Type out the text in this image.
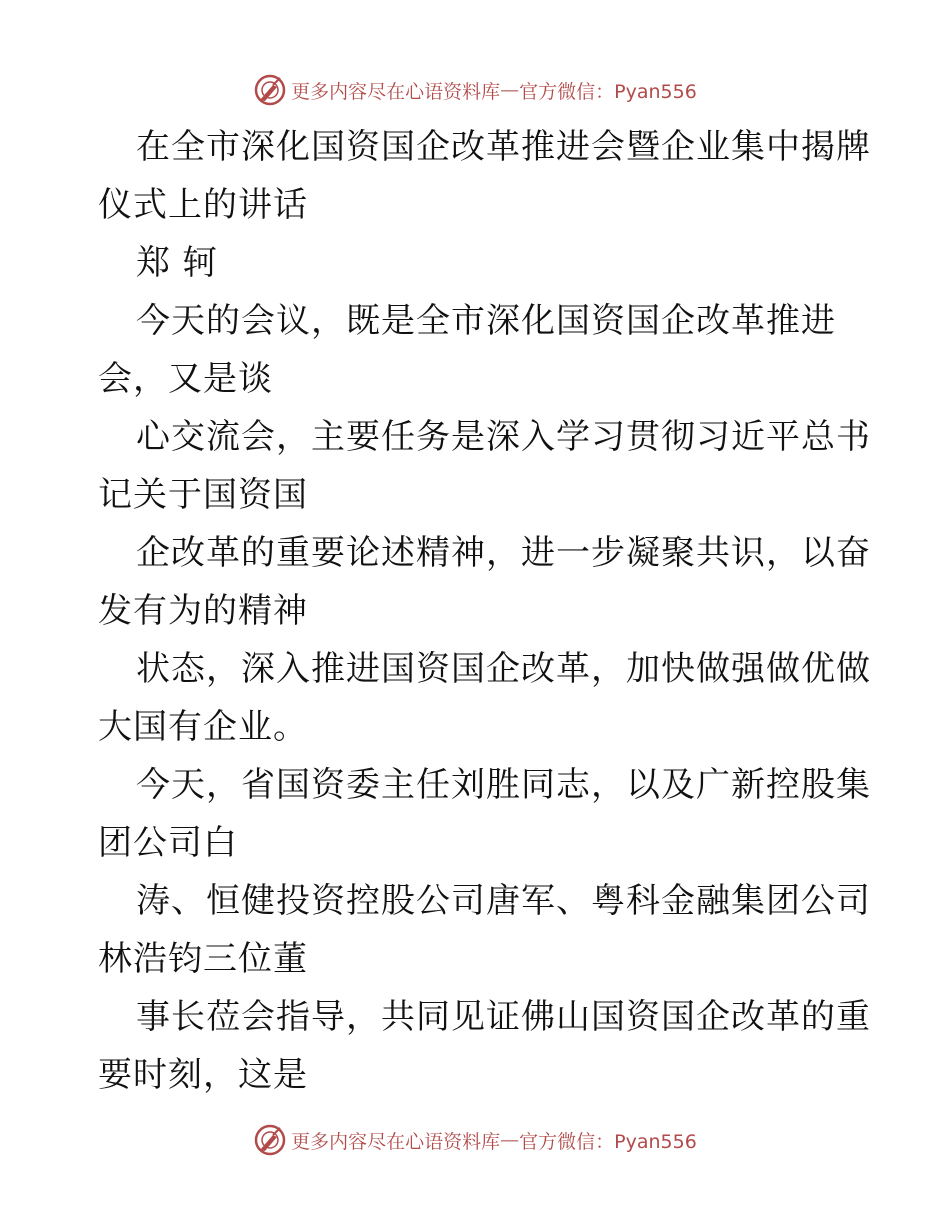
更多内容尽在心语资料库 — 官方微信：Pyan556
在全市深化国资国企改革推进会暨企业集中揭牌
仪式上的讲话
郑 轲
今天的会议，既是全市深化国资国企改革推进
会，又是谈
心交流会，主要任务是深入学习贯彻习近平总书
记关于国资国
企改革的重要论述精神，进一步凝聚共识，以奋
发有为的精神
状态，深入推进国资国企改革，加快做强做优做
大国有企业。
今天，省国资委主任刘胜同志，以及广新控股集
团公司白
涛、恒健投资控股公司唐军、粤科金融集团公司
林浩钧三位董
事长莅会指导，共同见证佛山国资国企改革的重
要时刻，这是
更多内容尽在心语资料库 — 官方微信：Pyan556
